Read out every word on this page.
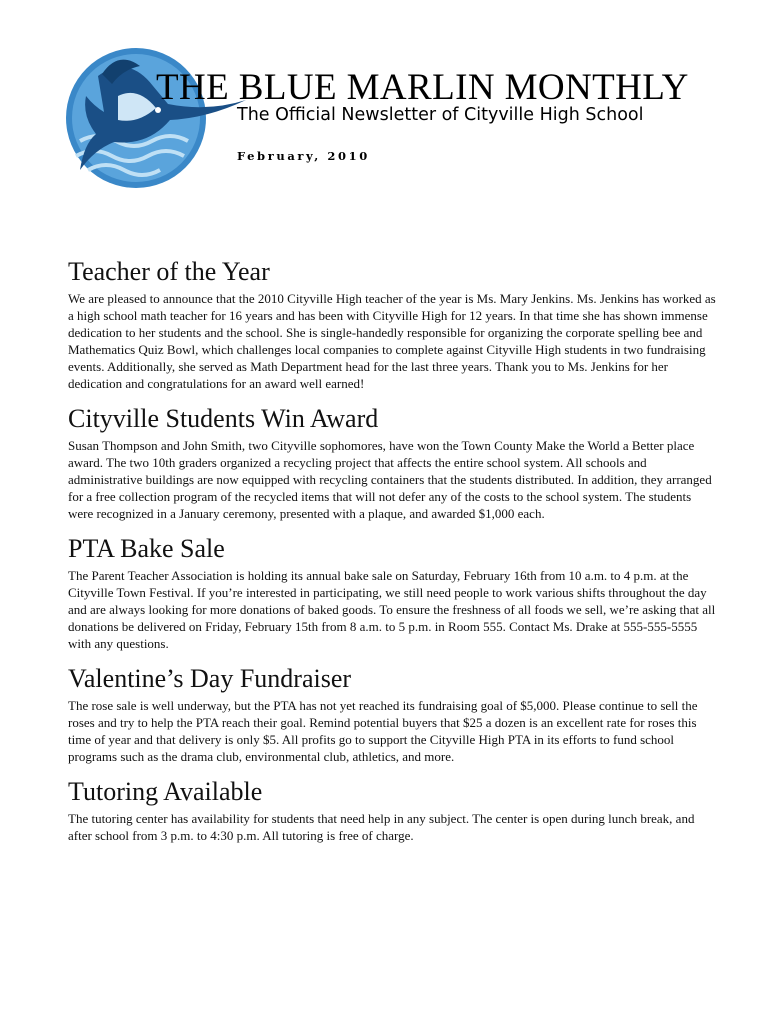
THE BLUE MARLIN MONTHLY
The Official Newsletter of Cityville High School
February, 2010
Teacher of the Year

We are pleased to announce that the 2010 Cityville High teacher of the year is Ms. Mary Jenkins. Ms. Jenkins has worked as a high school math teacher for 16 years and has been with Cityville High for 12 years. In that time she has shown immense dedication to her students and the school. She is single-handedly responsible for organizing the corporate spelling bee and Mathematics Quiz Bowl, which challenges local companies to complete against Cityville High students in two fundraising events. Additionally, she served as Math Department head for the last three years. Thank you to Ms. Jenkins for her dedication and congratulations for an award well earned!

Cityville Students Win Award

Susan Thompson and John Smith, two Cityville sophomores, have won the Town County Make the World a Better place award. The two 10th graders organized a recycling project that affects the entire school system. All schools and administrative buildings are now equipped with recycling containers that the students distributed. In addition, they arranged for a free collection program of the recycled items that will not defer any of the costs to the school system. The students were recognized in a January ceremony, presented with a plaque, and awarded $1,000 each.

PTA Bake Sale

The Parent Teacher Association is holding its annual bake sale on Saturday, February 16th from 10 a.m. to 4 p.m. at the Cityville Town Festival. If you’re interested in participating, we still need people to work various shifts throughout the day and are always looking for more donations of baked goods. To ensure the freshness of all foods we sell, we’re asking that all donations be delivered on Friday, February 15th from 8 a.m. to 5 p.m. in Room 555. Contact Ms. Drake at 555-555-5555 with any questions.

Valentine’s Day Fundraiser

The rose sale is well underway, but the PTA has not yet reached its fundraising goal of $5,000. Please continue to sell the roses and try to help the PTA reach their goal. Remind potential buyers that $25 a dozen is an excellent rate for roses this time of year and that delivery is only $5. All profits go to support the Cityville High PTA in its efforts to fund school programs such as the drama club, environmental club, athletics, and more.

Tutoring Available

The tutoring center has availability for students that need help in any subject. The center is open during lunch break, and after school from 3 p.m. to 4:30 p.m. All tutoring is free of charge.
